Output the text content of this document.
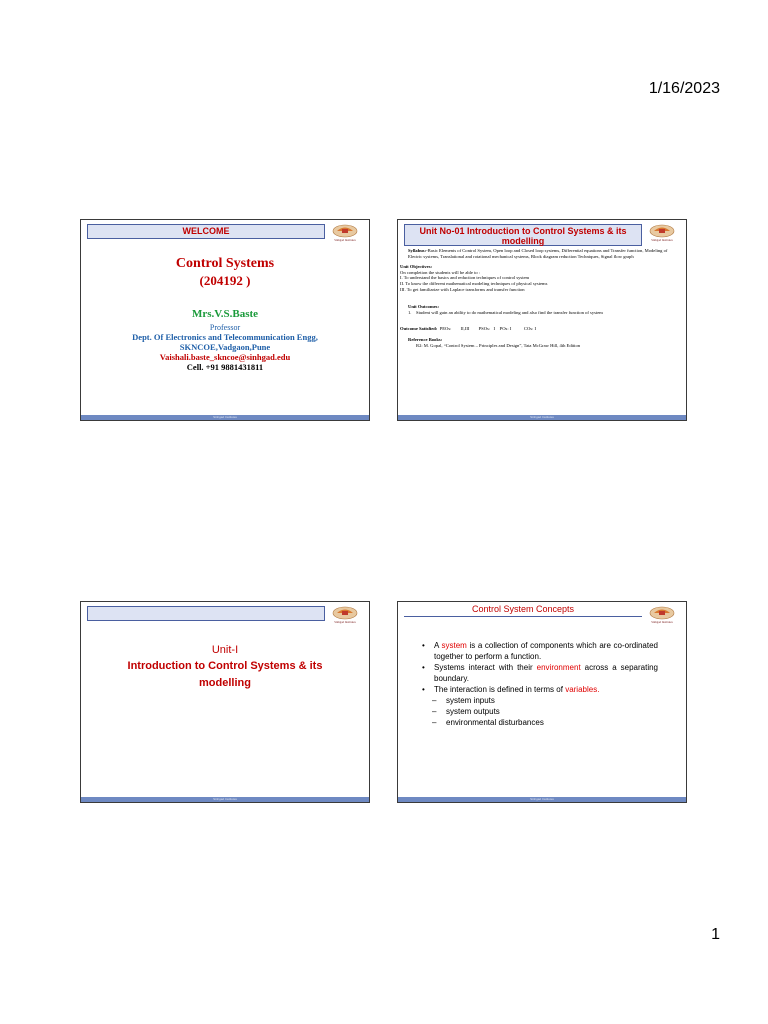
1/16/2023
WELCOME
Sinhgad Institutes
Control Systems
(204192 )
Mrs.V.S.Baste
Professor
Dept. Of Electronics and Telecommunication Engg,
SKNCOE,Vadgaon,Pune
Vaishali.baste_skncoe@sinhgad.edu
Cell. +91 9881431811
Sinhgad Institutes
Unit No-01 Introduction to Control Systems & its modelling	Sinhgad Institutes

Syllabus:-Basic Elements of Control System, Open loop and Closed loop systems, Differential equations and Transfer function, Modeling of Electric systems, Translational and rotational mechanical systems, Block diagram reduction Techniques, Signal flow graph

Unit Objectives:

On completion the students will be able to :

I. To understand the basics and reduction techniques of control system

II. To know the different mathematical modeling techniques of physical systems

III. To get familiarize with Laplace transforms and transfer function

Unit Outcomes:

1. Student will gain an ability to do mathematical modeling and also find the transfer function of system

Outcome Satisfied: PEOs:        II,III        PSOs:   I    POs: I           COs: I

Reference Books:

R2: M. Gopal, “Control System – Principles and Design”, Tata McGraw Hill, 4th Edition

Sinhgad Institutes
Sinhgad Institutes
Unit-I
Introduction to Control Systems & its
modelling
Sinhgad Institutes
Control System Concepts
Sinhgad Institutes
• A system is a collection of components which are co-ordinated together to perform a function.
• Systems interact with their environment across a separating boundary.
• The interaction is defined in terms of variables.
– system inputs
– system outputs
– environmental disturbances
Sinhgad Institutes
1
